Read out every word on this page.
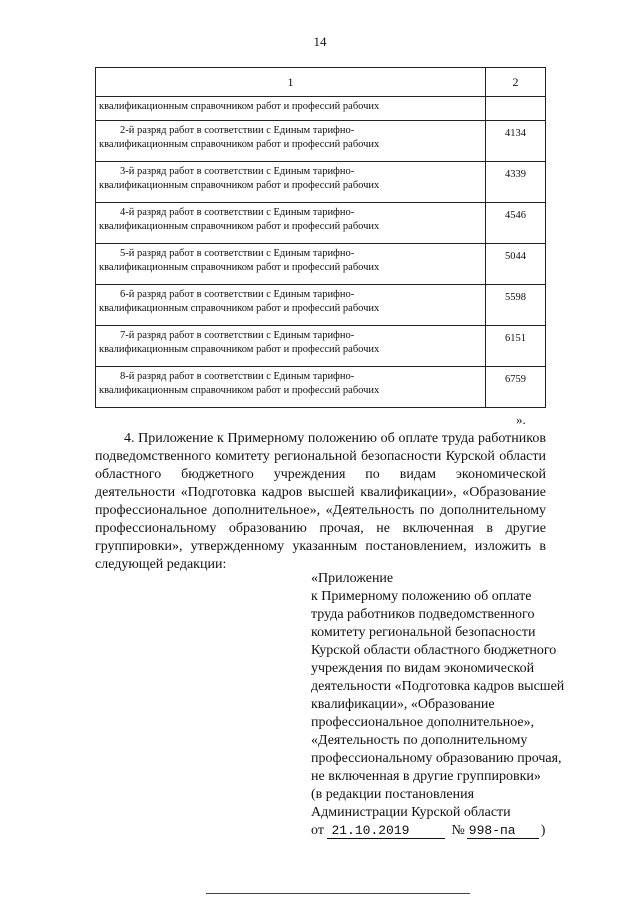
14
1	2
квалификационным справочником работ и профессий рабочих	

2-й разряд работ в соответствии с Единым тарифно-
квалификационным справочником работ и профессий рабочих	4134

3-й разряд работ в соответствии с Единым тарифно-
квалификационным справочником работ и профессий рабочих	4339

4-й разряд работ в соответствии с Единым тарифно-
квалификационным справочником работ и профессий рабочих	4546

5-й разряд работ в соответствии с Единым тарифно-
квалификационным справочником работ и профессий рабочих	5044

6-й разряд работ в соответствии с Единым тарифно-
квалификационным справочником работ и профессий рабочих	5598

7-й разряд работ в соответствии с Единым тарифно-
квалификационным справочником работ и профессий рабочих	6151

8-й разряд работ в соответствии с Единым тарифно-
квалификационным справочником работ и профессий рабочих	6759
».

4. Приложение к Примерному положению об оплате труда работников подведомственного комитету региональной безопасности Курской области областного бюджетного учреждения по видам экономической деятельности «Подготовка кадров высшей квалификации», «Образование профессиональное дополнительное», «Деятельность по дополнительному профессиональному образованию прочая, не включенная в другие группировки», утвержденному указанным постановлением, изложить в следующей редакции:

«Приложение
к Примерному положению об оплате
труда работников подведомственного
комитету региональной безопасности
Курской области областного бюджетного
учреждения по видам экономической
деятельности «Подготовка кадров высшей
квалификации», «Образование
профессиональное дополнительное»,
«Деятельность по дополнительному
профессиональному образованию прочая,
не включенная в другие группировки»
(в редакции постановления
Администрации Курской области
от
21.10.2019	№ 998-па	)
